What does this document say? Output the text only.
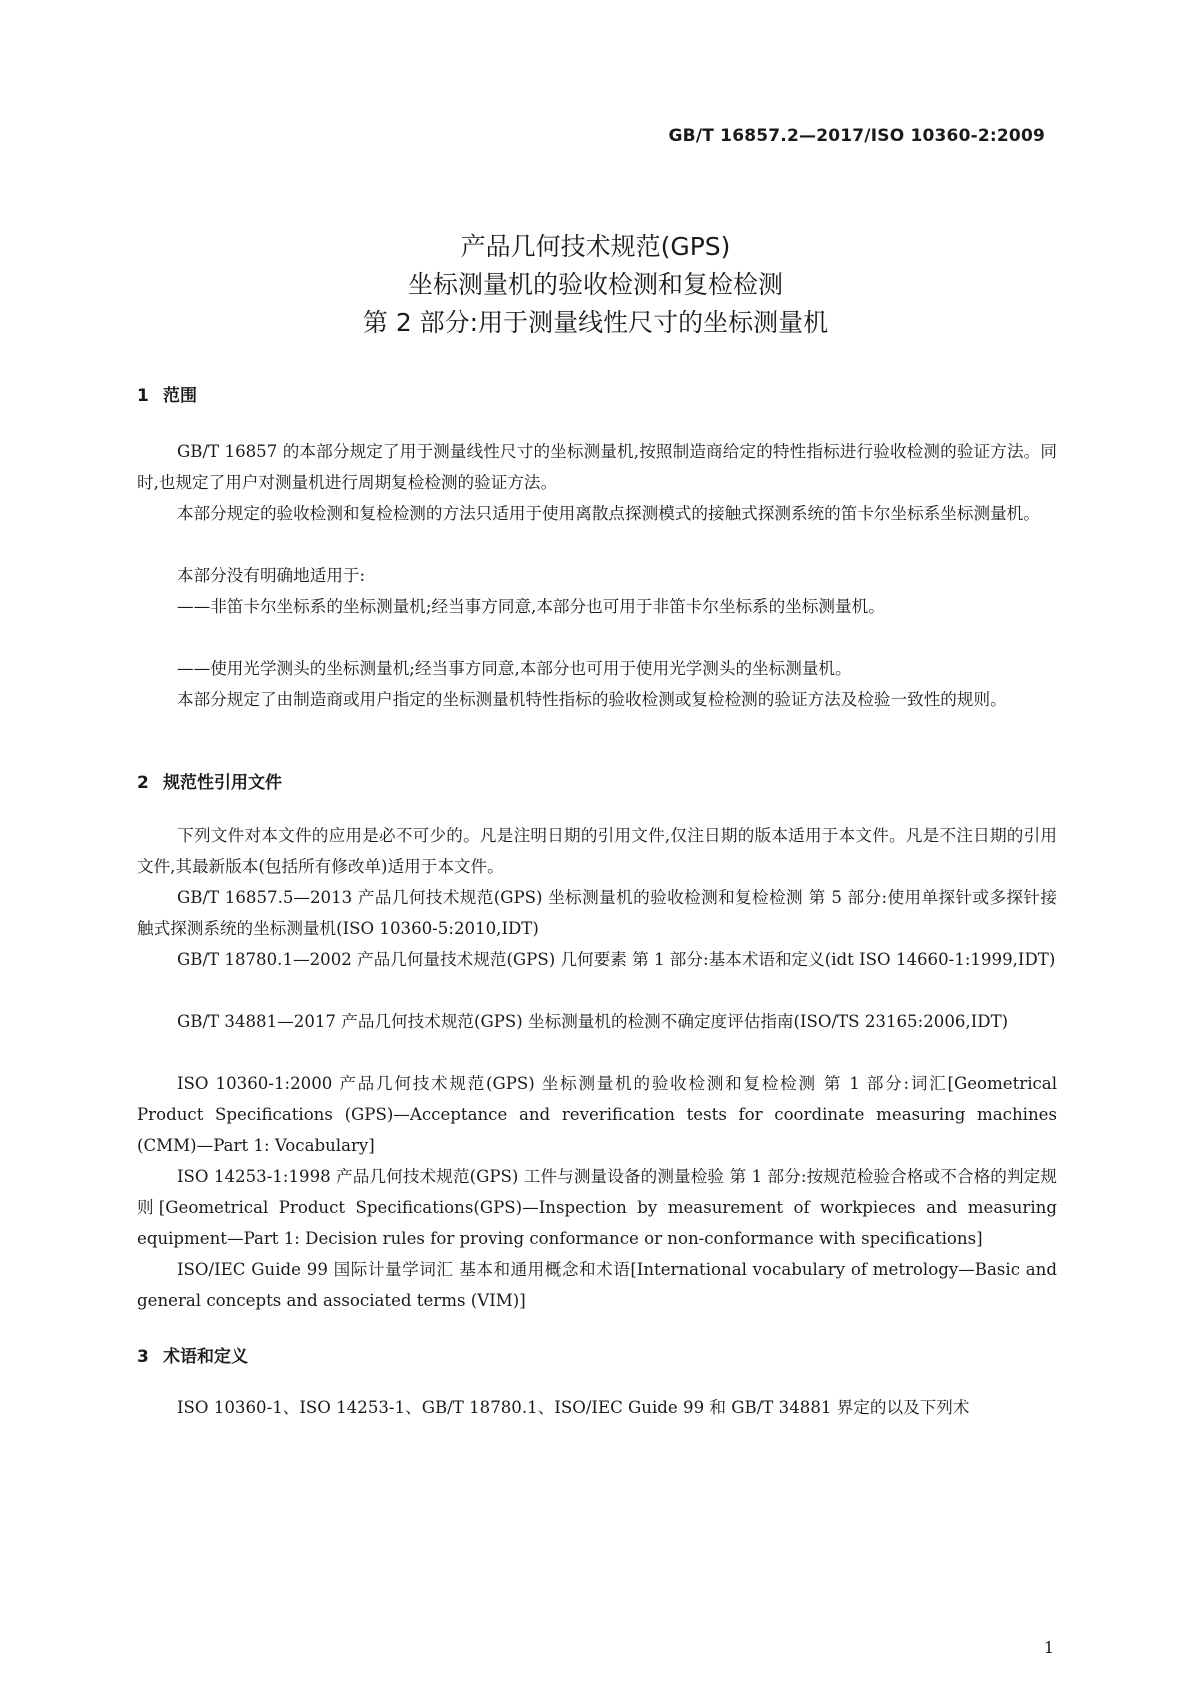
GB/T 16857.2—2017/ISO 10360-2:2009
产品几何技术规范(GPS)
坐标测量机的验收检测和复检检测
第 2 部分:用于测量线性尺寸的坐标测量机
1 范围
GB/T 16857 的本部分规定了用于测量线性尺寸的坐标测量机,按照制造商给定的特性指标进行验收检测的验证方法。同时,也规定了用户对测量机进行周期复检检测的验证方法。
本部分规定的验收检测和复检检测的方法只适用于使用离散点探测模式的接触式探测系统的笛卡尔坐标系坐标测量机。
本部分没有明确地适用于:
——非笛卡尔坐标系的坐标测量机;经当事方同意,本部分也可用于非笛卡尔坐标系的坐标测量机。
——使用光学测头的坐标测量机;经当事方同意,本部分也可用于使用光学测头的坐标测量机。
本部分规定了由制造商或用户指定的坐标测量机特性指标的验收检测或复检检测的验证方法及检验一致性的规则。
2 规范性引用文件
下列文件对本文件的应用是必不可少的。凡是注明日期的引用文件,仅注日期的版本适用于本文件。凡是不注日期的引用文件,其最新版本(包括所有修改单)适用于本文件。
GB/T 16857.5—2013 产品几何技术规范(GPS) 坐标测量机的验收检测和复检检测 第 5 部分:使用单探针或多探针接触式探测系统的坐标测量机(ISO 10360-5:2010,IDT)
GB/T 18780.1—2002 产品几何量技术规范(GPS) 几何要素 第 1 部分:基本术语和定义(idt ISO 14660-1:1999,IDT)
GB/T 34881—2017 产品几何技术规范(GPS) 坐标测量机的检测不确定度评估指南(ISO/TS 23165:2006,IDT)
ISO 10360-1:2000 产品几何技术规范(GPS) 坐标测量机的验收检测和复检检测 第 1 部分:词汇[Geometrical Product Specifications (GPS)—Acceptance and reverification tests for coordinate measuring machines (CMM)—Part 1: Vocabulary]
ISO 14253-1:1998 产品几何技术规范(GPS) 工件与测量设备的测量检验 第 1 部分:按规范检验合格或不合格的判定规则[Geometrical Product Specifications(GPS)—Inspection by measurement of workpieces and measuring equipment—Part 1: Decision rules for proving conformance or non-conformance with specifications]
ISO/IEC Guide 99 国际计量学词汇 基本和通用概念和术语[International vocabulary of metrology—Basic and general concepts and associated terms (VIM)]
3 术语和定义
ISO 10360-1、ISO 14253-1、GB/T 18780.1、ISO/IEC Guide 99 和 GB/T 34881 界定的以及下列术
1
